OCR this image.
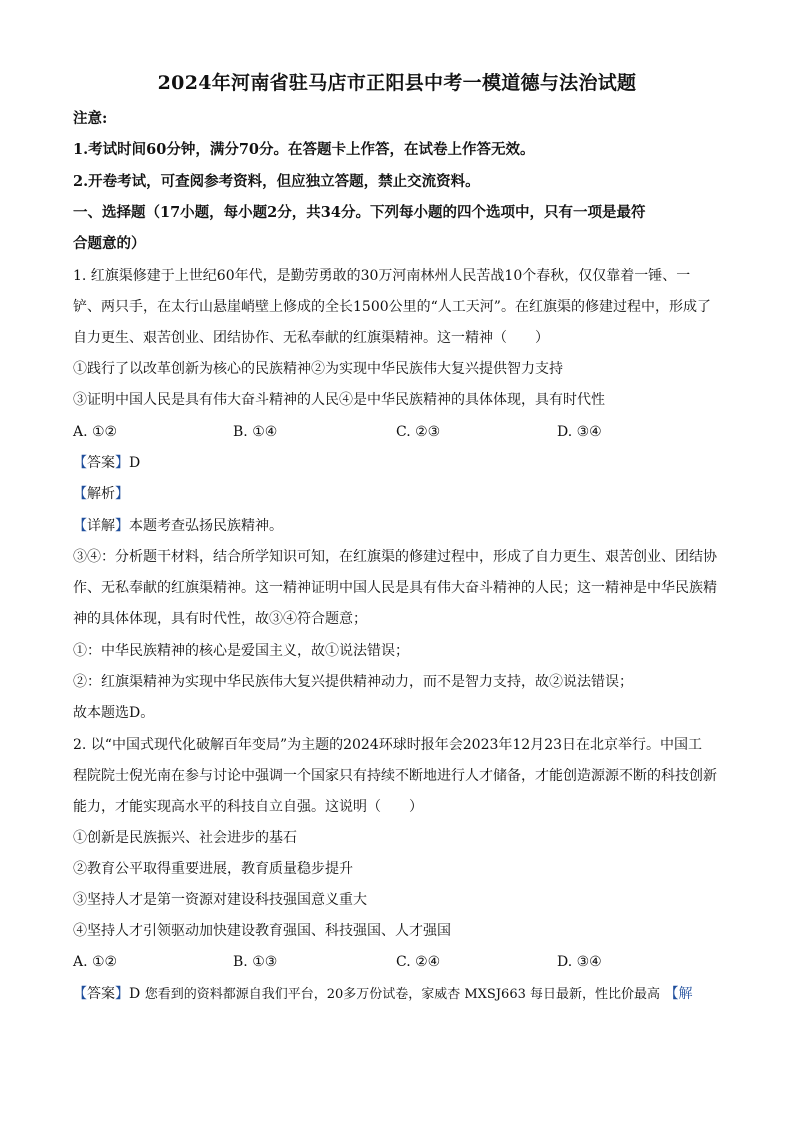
2024年河南省驻马店市正阳县中考一模道德与法治试题
注意:
1.考试时间60分钟，满分70分。在答题卡上作答，在试卷上作答无效。
2.开卷考试，可查阅参考资料，但应独立答题，禁止交流资料。
一、选择题（17小题，每小题2分，共34分。下列每小题的四个选项中，只有一项是最符
合题意的）
1. 红旗渠修建于上世纪60年代，是勤劳勇敢的30万河南林州人民苦战10个春秋，仅仅靠着一锤、一
铲、两只手，在太行山悬崖峭壁上修成的全长1500公里的“人工天河”。在红旗渠的修建过程中，形成了
自力更生、艰苦创业、团结协作、无私奉献的红旗渠精神。这一精神（　　）
①践行了以改革创新为核心的民族精神②为实现中华民族伟大复兴提供智力支持
③证明中国人民是具有伟大奋斗精神的人民④是中华民族精神的具体体现，具有时代性
A. ①②	B. ①④	C. ②③	D. ③④
【答案】D
【解析】
【详解】本题考查弘扬民族精神。
③④：分析题干材料，结合所学知识可知，在红旗渠的修建过程中，形成了自力更生、艰苦创业、团结协
作、无私奉献的红旗渠精神。这一精神证明中国人民是具有伟大奋斗精神的人民；这一精神是中华民族精
神的具体体现，具有时代性，故③④符合题意；
①：中华民族精神的核心是爱国主义，故①说法错误；
②：红旗渠精神为实现中华民族伟大复兴提供精神动力，而不是智力支持，故②说法错误；
故本题选D。
2. 以“中国式现代化破解百年变局”为主题的2024环球时报年会2023年12月23日在北京举行。中国工
程院院士倪光南在参与讨论中强调一个国家只有持续不断地进行人才储备，才能创造源源不断的科技创新
能力，才能实现高水平的科技自立自强。这说明（　　）
①创新是民族振兴、社会进步的基石
②教育公平取得重要进展，教育质量稳步提升
③坚持人才是第一资源对建设科技强国意义重大
④坚持人才引领驱动加快建设教育强国、科技强国、人才强国
A. ①②	B. ①③	C. ②④	D. ③④
【答案】D 您看到的资料都源自我们平台，20多万份试卷，家威杏 MXSJ663 每日最新，性比价最高 【解
